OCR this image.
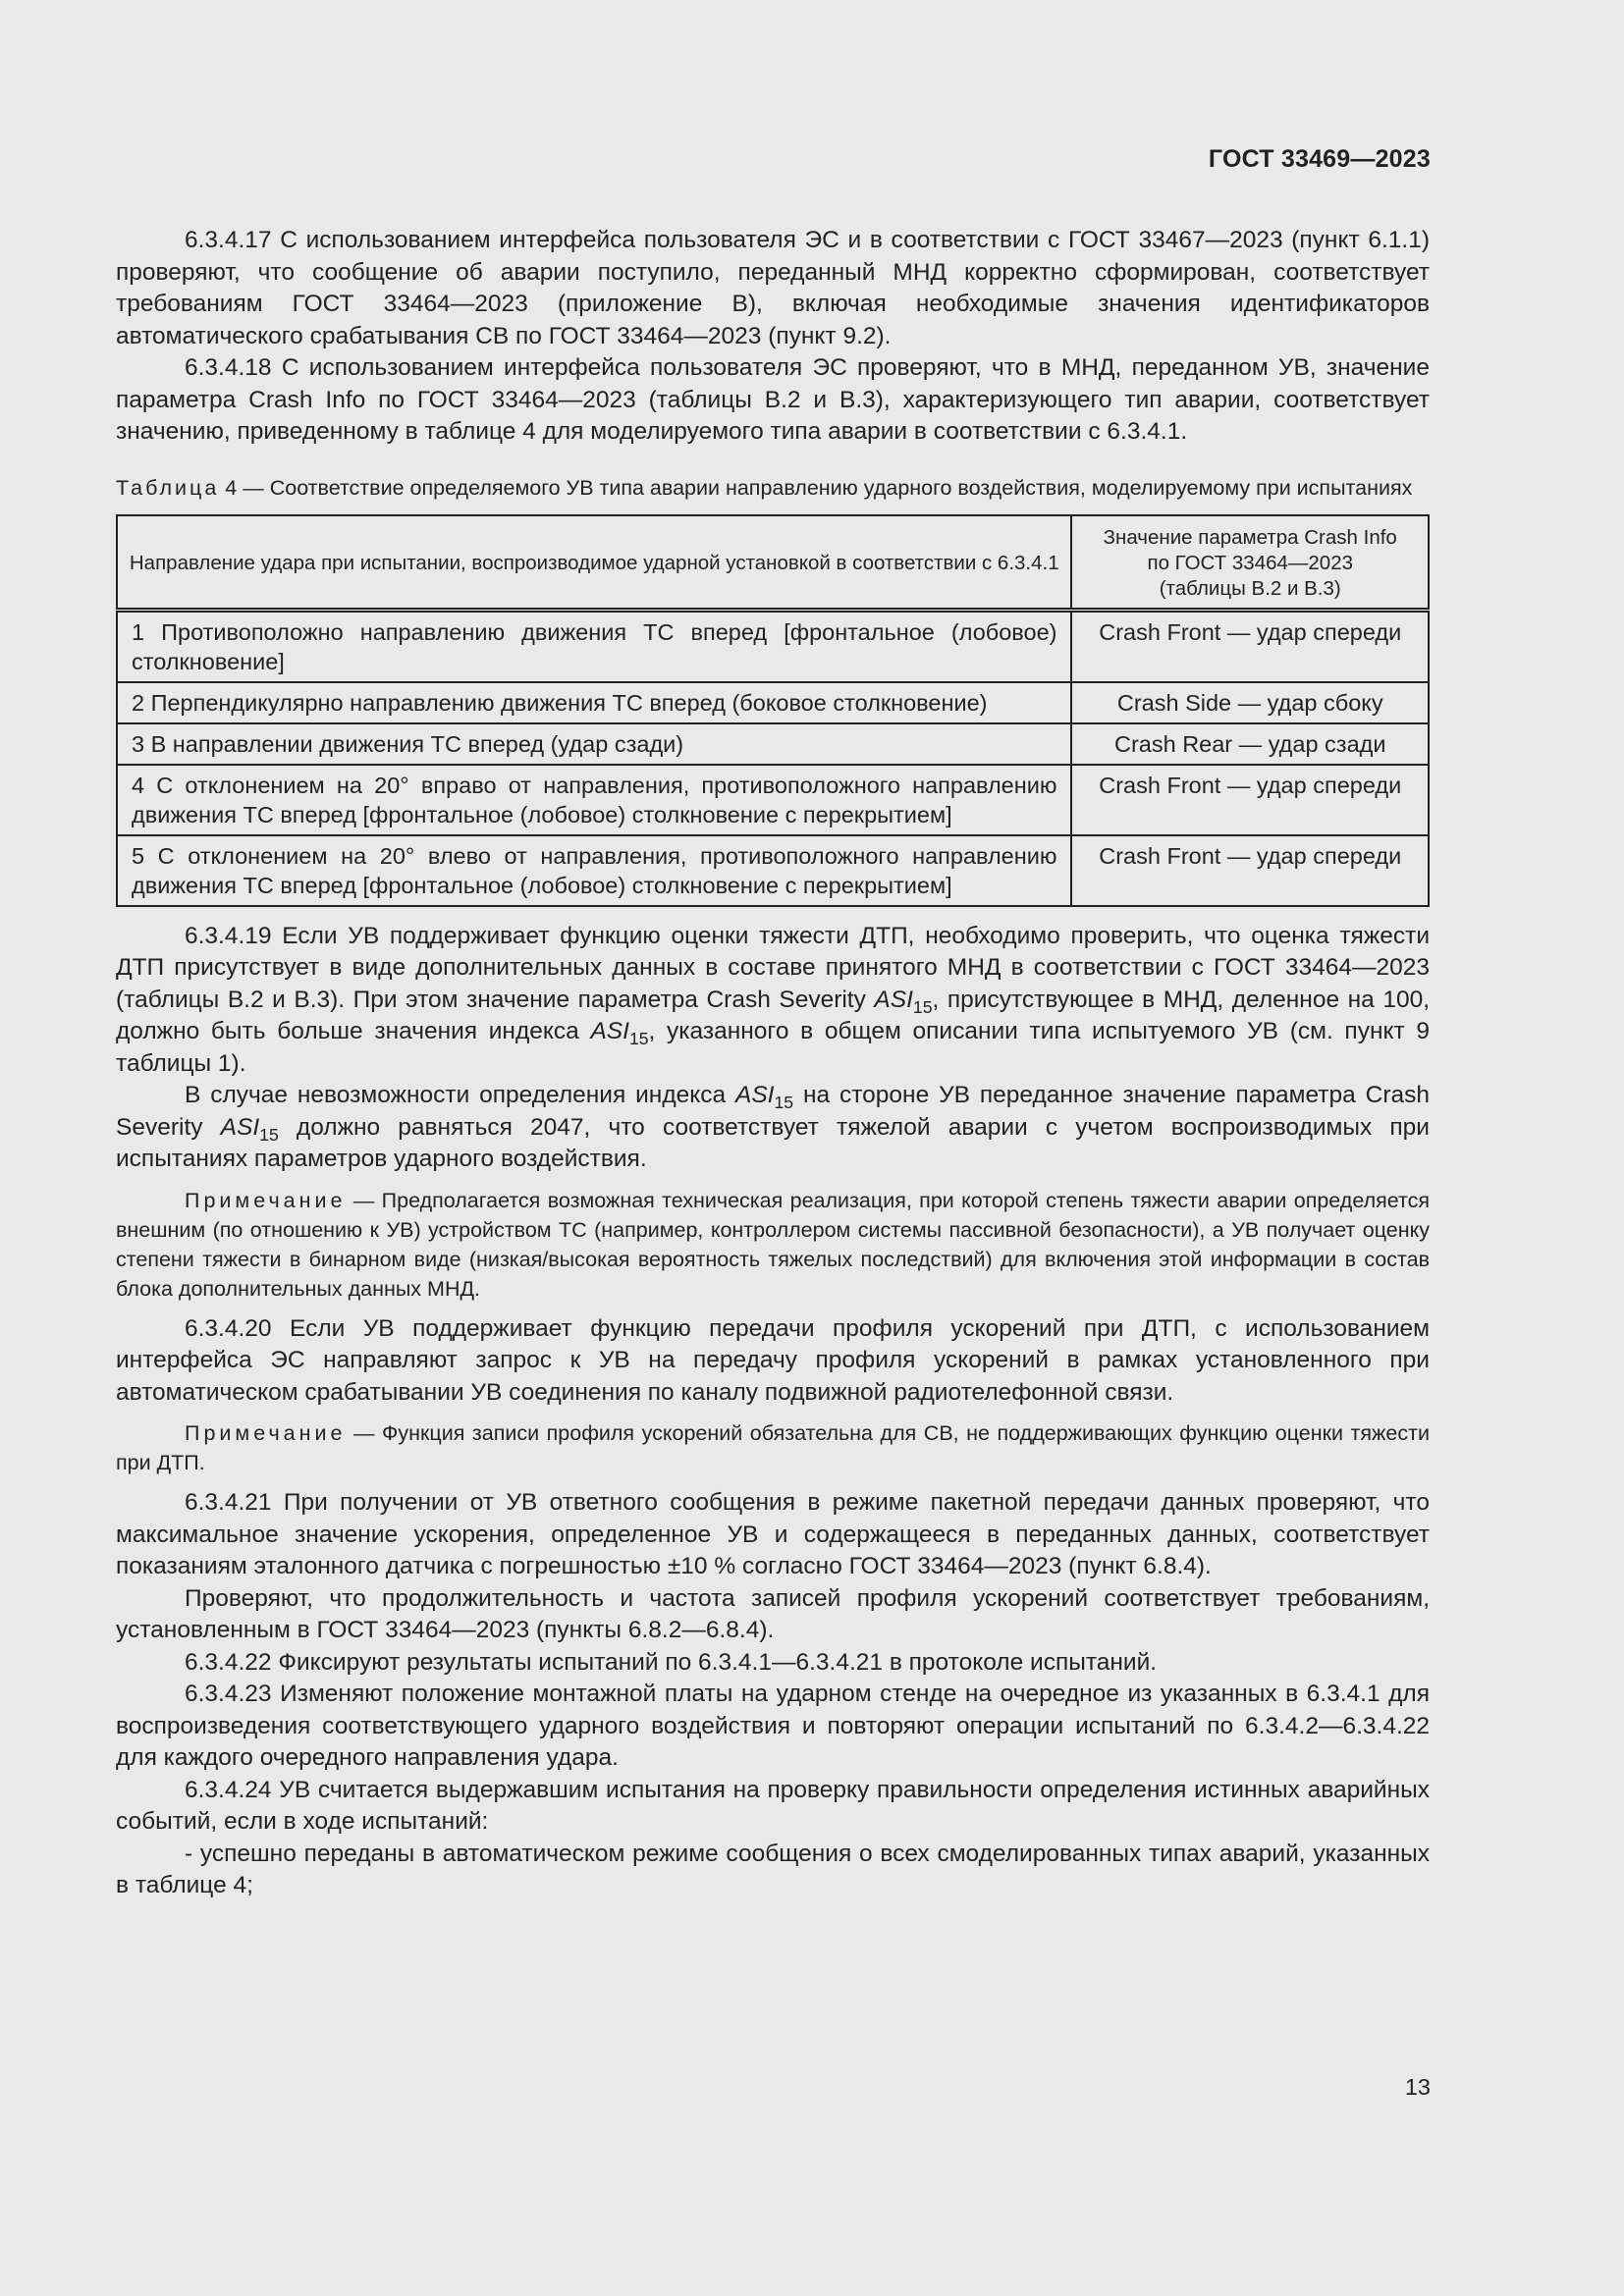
ГОСТ 33469—2023

6.3.4.17 С использованием интерфейса пользователя ЭС и в соответствии с ГОСТ 33467—2023 (пункт 6.1.1) проверяют, что сообщение об аварии поступило, переданный МНД корректно сформирован, соответствует требованиям ГОСТ 33464—2023 (приложение В), включая необходимые значения идентификаторов автоматического срабатывания СВ по ГОСТ 33464—2023 (пункт 9.2).

6.3.4.18 С использованием интерфейса пользователя ЭС проверяют, что в МНД, переданном УВ, значение параметра Crash Info по ГОСТ 33464—2023 (таблицы В.2 и В.3), характеризующего тип аварии, соответствует значению, приведенному в таблице 4 для моделируемого типа аварии в соответствии с 6.3.4.1.

Таблица 4 — Соответствие определяемого УВ типа аварии направлению ударного воздействия, моделируемому при испытаниях

Направление удара при испытании, воспроизводимое ударной установкой в соответствии с 6.3.4.1	Значение параметра Crash Info
по ГОСТ 33464—2023
(таблицы В.2 и В.3)
1 Противоположно направлению движения ТС вперед [фронтальное (лобовое) столкновение]	Crash Front — удар спереди
2 Перпендикулярно направлению движения ТС вперед (боковое столкновение)	Crash Side — удар сбоку
3 В направлении движения ТС вперед (удар сзади)	Crash Rear — удар сзади
4 С отклонением на 20° вправо от направления, противоположного направлению движения ТС вперед [фронтальное (лобовое) столкновение с перекрытием]	Crash Front — удар спереди
5 С отклонением на 20° влево от направления, противоположного направлению движения ТС вперед [фронтальное (лобовое) столкновение с перекрытием]	Crash Front — удар спереди

6.3.4.19 Если УВ поддерживает функцию оценки тяжести ДТП, необходимо проверить, что оценка тяжести ДТП присутствует в виде дополнительных данных в составе принятого МНД в соответствии с ГОСТ 33464—2023 (таблицы В.2 и В.3). При этом значение параметра Crash Severity $ASI_{15}$, присутствующее в МНД, деленное на 100, должно быть больше значения индекса $ASI_{15}$, указанного в общем описании типа испытуемого УВ (см. пункт 9 таблицы 1).

В случае невозможности определения индекса $ASI_{15}$ на стороне УВ переданное значение параметра Crash Severity $ASI_{15}$ должно равняться 2047, что соответствует тяжелой аварии с учетом воспроизводимых при испытаниях параметров ударного воздействия.

Примечание — Предполагается возможная техническая реализация, при которой степень тяжести аварии определяется внешним (по отношению к УВ) устройством ТС (например, контроллером системы пассивной безопасности), а УВ получает оценку степени тяжести в бинарном виде (низкая/высокая вероятность тяжелых последствий) для включения этой информации в состав блока дополнительных данных МНД.

6.3.4.20 Если УВ поддерживает функцию передачи профиля ускорений при ДТП, с использованием интерфейса ЭС направляют запрос к УВ на передачу профиля ускорений в рамках установленного при автоматическом срабатывании УВ соединения по каналу подвижной радиотелефонной связи.

Примечание — Функция записи профиля ускорений обязательна для СВ, не поддерживающих функцию оценки тяжести при ДТП.

6.3.4.21 При получении от УВ ответного сообщения в режиме пакетной передачи данных проверяют, что максимальное значение ускорения, определенное УВ и содержащееся в переданных данных, соответствует показаниям эталонного датчика с погрешностью ±10 % согласно ГОСТ 33464—2023 (пункт 6.8.4).

Проверяют, что продолжительность и частота записей профиля ускорений соответствует требованиям, установленным в ГОСТ 33464—2023 (пункты 6.8.2—6.8.4).

6.3.4.22 Фиксируют результаты испытаний по 6.3.4.1—6.3.4.21 в протоколе испытаний.

6.3.4.23 Изменяют положение монтажной платы на ударном стенде на очередное из указанных в 6.3.4.1 для воспроизведения соответствующего ударного воздействия и повторяют операции испытаний по 6.3.4.2—6.3.4.22 для каждого очередного направления удара.

6.3.4.24 УВ считается выдержавшим испытания на проверку правильности определения истинных аварийных событий, если в ходе испытаний:

- успешно переданы в автоматическом режиме сообщения о всех смоделированных типах аварий, указанных в таблице 4;

13
